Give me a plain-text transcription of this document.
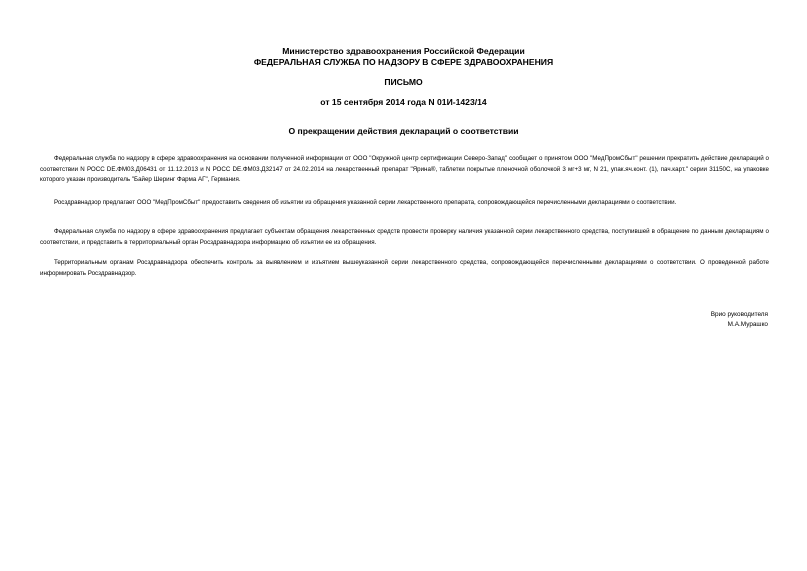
Министерство здравоохранения Российской Федерации
ФЕДЕРАЛЬНАЯ СЛУЖБА ПО НАДЗОРУ В СФЕРЕ ЗДРАВООХРАНЕНИЯ
ПИСЬМО
от 15 сентября 2014 года N 01И-1423/14
О прекращении действия деклараций о соответствии

Федеральная служба по надзору в сфере здравоохранения на основании полученной информации от ООО "Окружной центр сертификации Северо-Запад" сообщает о принятом ООО "МедПромСбыт" решении прекратить действие деклараций о соответствии N РОСС DE.ФМ03.Д06431 от 11.12.2013 и N РОСС DE.ФМ03.Д32147 от 24.02.2014 на лекарственный препарат "Ярина®, таблетки покрытые пленочной оболочкой 3 мг+3 мг, N 21, упак.яч.конт. (1), пач.карт." серии 31150С, на упаковке которого указан производитель "Байер Шеринг Фарма АГ", Германия.

Росздравнадзор предлагает ООО "МедПромСбыт" предоставить сведения об изъятии из обращения указанной серии лекарственного препарата, сопровождающейся перечисленными декларациями о соответствии.

Федеральная служба по надзору в сфере здравоохранения предлагает субъектам обращения лекарственных средств провести проверку наличия указанной серии лекарственного средства, поступившей в обращение по данным декларациям о соответствии, и представить в территориальный орган Росздравнадзора информацию об изъятии ее из обращения.

Территориальным органам Росздравнадзора обеспечить контроль за выявлением и изъятием вышеуказанной серии лекарственного средства, сопровождающейся перечисленными декларациями о соответствии. О проведенной работе информировать Росздравнадзор.

Врио руководителя
М.А.Мурашко
